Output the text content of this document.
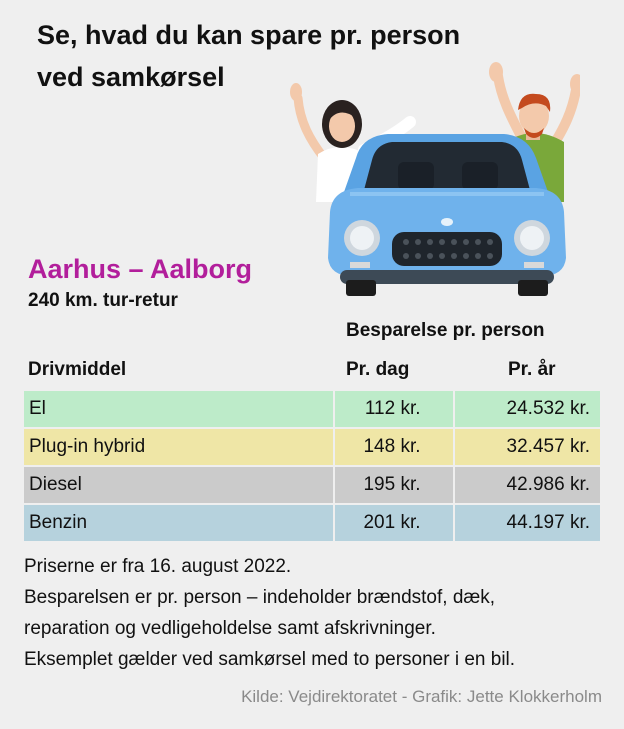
Se, hvad du kan spare pr. person
ved samkørsel
Aarhus – Aalborg

240 km. tur-retur

Besparelse pr. person
Drivmiddel	Pr. dag	Pr. år
El	112 kr.	24.532 kr.
Plug-in hybrid	148 kr.	32.457 kr.
Diesel	195 kr.	42.986 kr.
Benzin	201 kr.	44.197 kr.
Priserne er fra 16. august 2022.
Besparelsen er pr. person – indeholder brændstof, dæk,
reparation og vedligeholdelse samt afskrivninger.
Eksemplet gælder ved samkørsel med to personer i en bil.
Kilde: Vejdirektoratet - Grafik: Jette Klokkerholm
